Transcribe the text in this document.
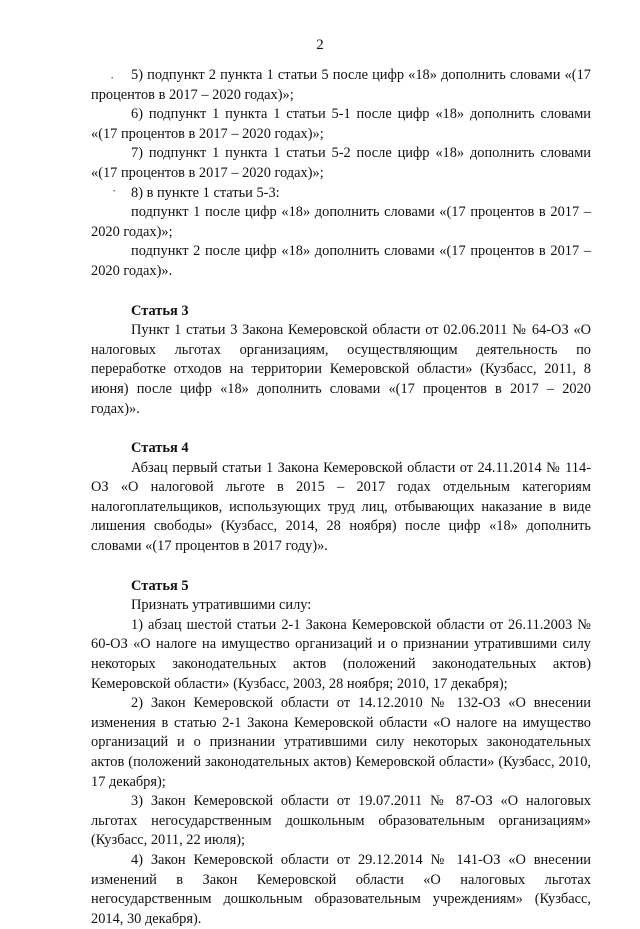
2

5) подпункт 2 пункта 1 статьи 5 после цифр «18» дополнить словами «(17 процентов в 2017 – 2020 годах)»;

6) подпункт 1 пункта 1 статьи 5-1 после цифр «18» дополнить словами «(17 процентов в 2017 – 2020 годах)»;

7) подпункт 1 пункта 1 статьи 5-2 после цифр «18» дополнить словами «(17 процентов в 2017 – 2020 годах)»;

8) в пункте 1 статьи 5-3:

подпункт 1 после цифр «18» дополнить словами «(17 процентов в 2017 – 2020 годах)»;

подпункт 2 после цифр «18» дополнить словами «(17 процентов в 2017 – 2020 годах)».

Статья 3

Пункт 1 статьи 3 Закона Кемеровской области от 02.06.2011 № 64-ОЗ «О налоговых льготах организациям, осуществляющим деятельность по переработке отходов на территории Кемеровской области» (Кузбасс, 2011, 8 июня) после цифр «18» дополнить словами «(17 процентов в 2017 – 2020 годах)».

Статья 4

Абзац первый статьи 1 Закона Кемеровской области от 24.11.2014 № 114-ОЗ «О налоговой льготе в 2015 – 2017 годах отдельным категориям налогоплательщиков, использующих труд лиц, отбывающих наказание в виде лишения свободы» (Кузбасс, 2014, 28 ноября) после цифр «18» дополнить словами «(17 процентов в 2017 году)».

Статья 5

Признать утратившими силу:

1) абзац шестой статьи 2-1 Закона Кемеровской области от 26.11.2003 № 60-ОЗ «О налоге на имущество организаций и о признании утратившими силу некоторых законодательных актов (положений законодательных актов) Кемеровской области» (Кузбасс, 2003, 28 ноября; 2010, 17 декабря);

2) Закон Кемеровской области от 14.12.2010 № 132-ОЗ «О внесении изменения в статью 2-1 Закона Кемеровской области «О налоге на имущество организаций и о признании утратившими силу некоторых законодательных актов (положений законодательных актов) Кемеровской области» (Кузбасс, 2010, 17 декабря);

3) Закон Кемеровской области от 19.07.2011 № 87-ОЗ «О налоговых льготах негосударственным дошкольным образовательным организациям» (Кузбасс, 2011, 22 июля);

4) Закон Кемеровской области от 29.12.2014 № 141-ОЗ «О внесении изменений в Закон Кемеровской области «О налоговых льготах негосударственным дошкольным образовательным учреждениям» (Кузбасс, 2014, 30 декабря).

·
·
